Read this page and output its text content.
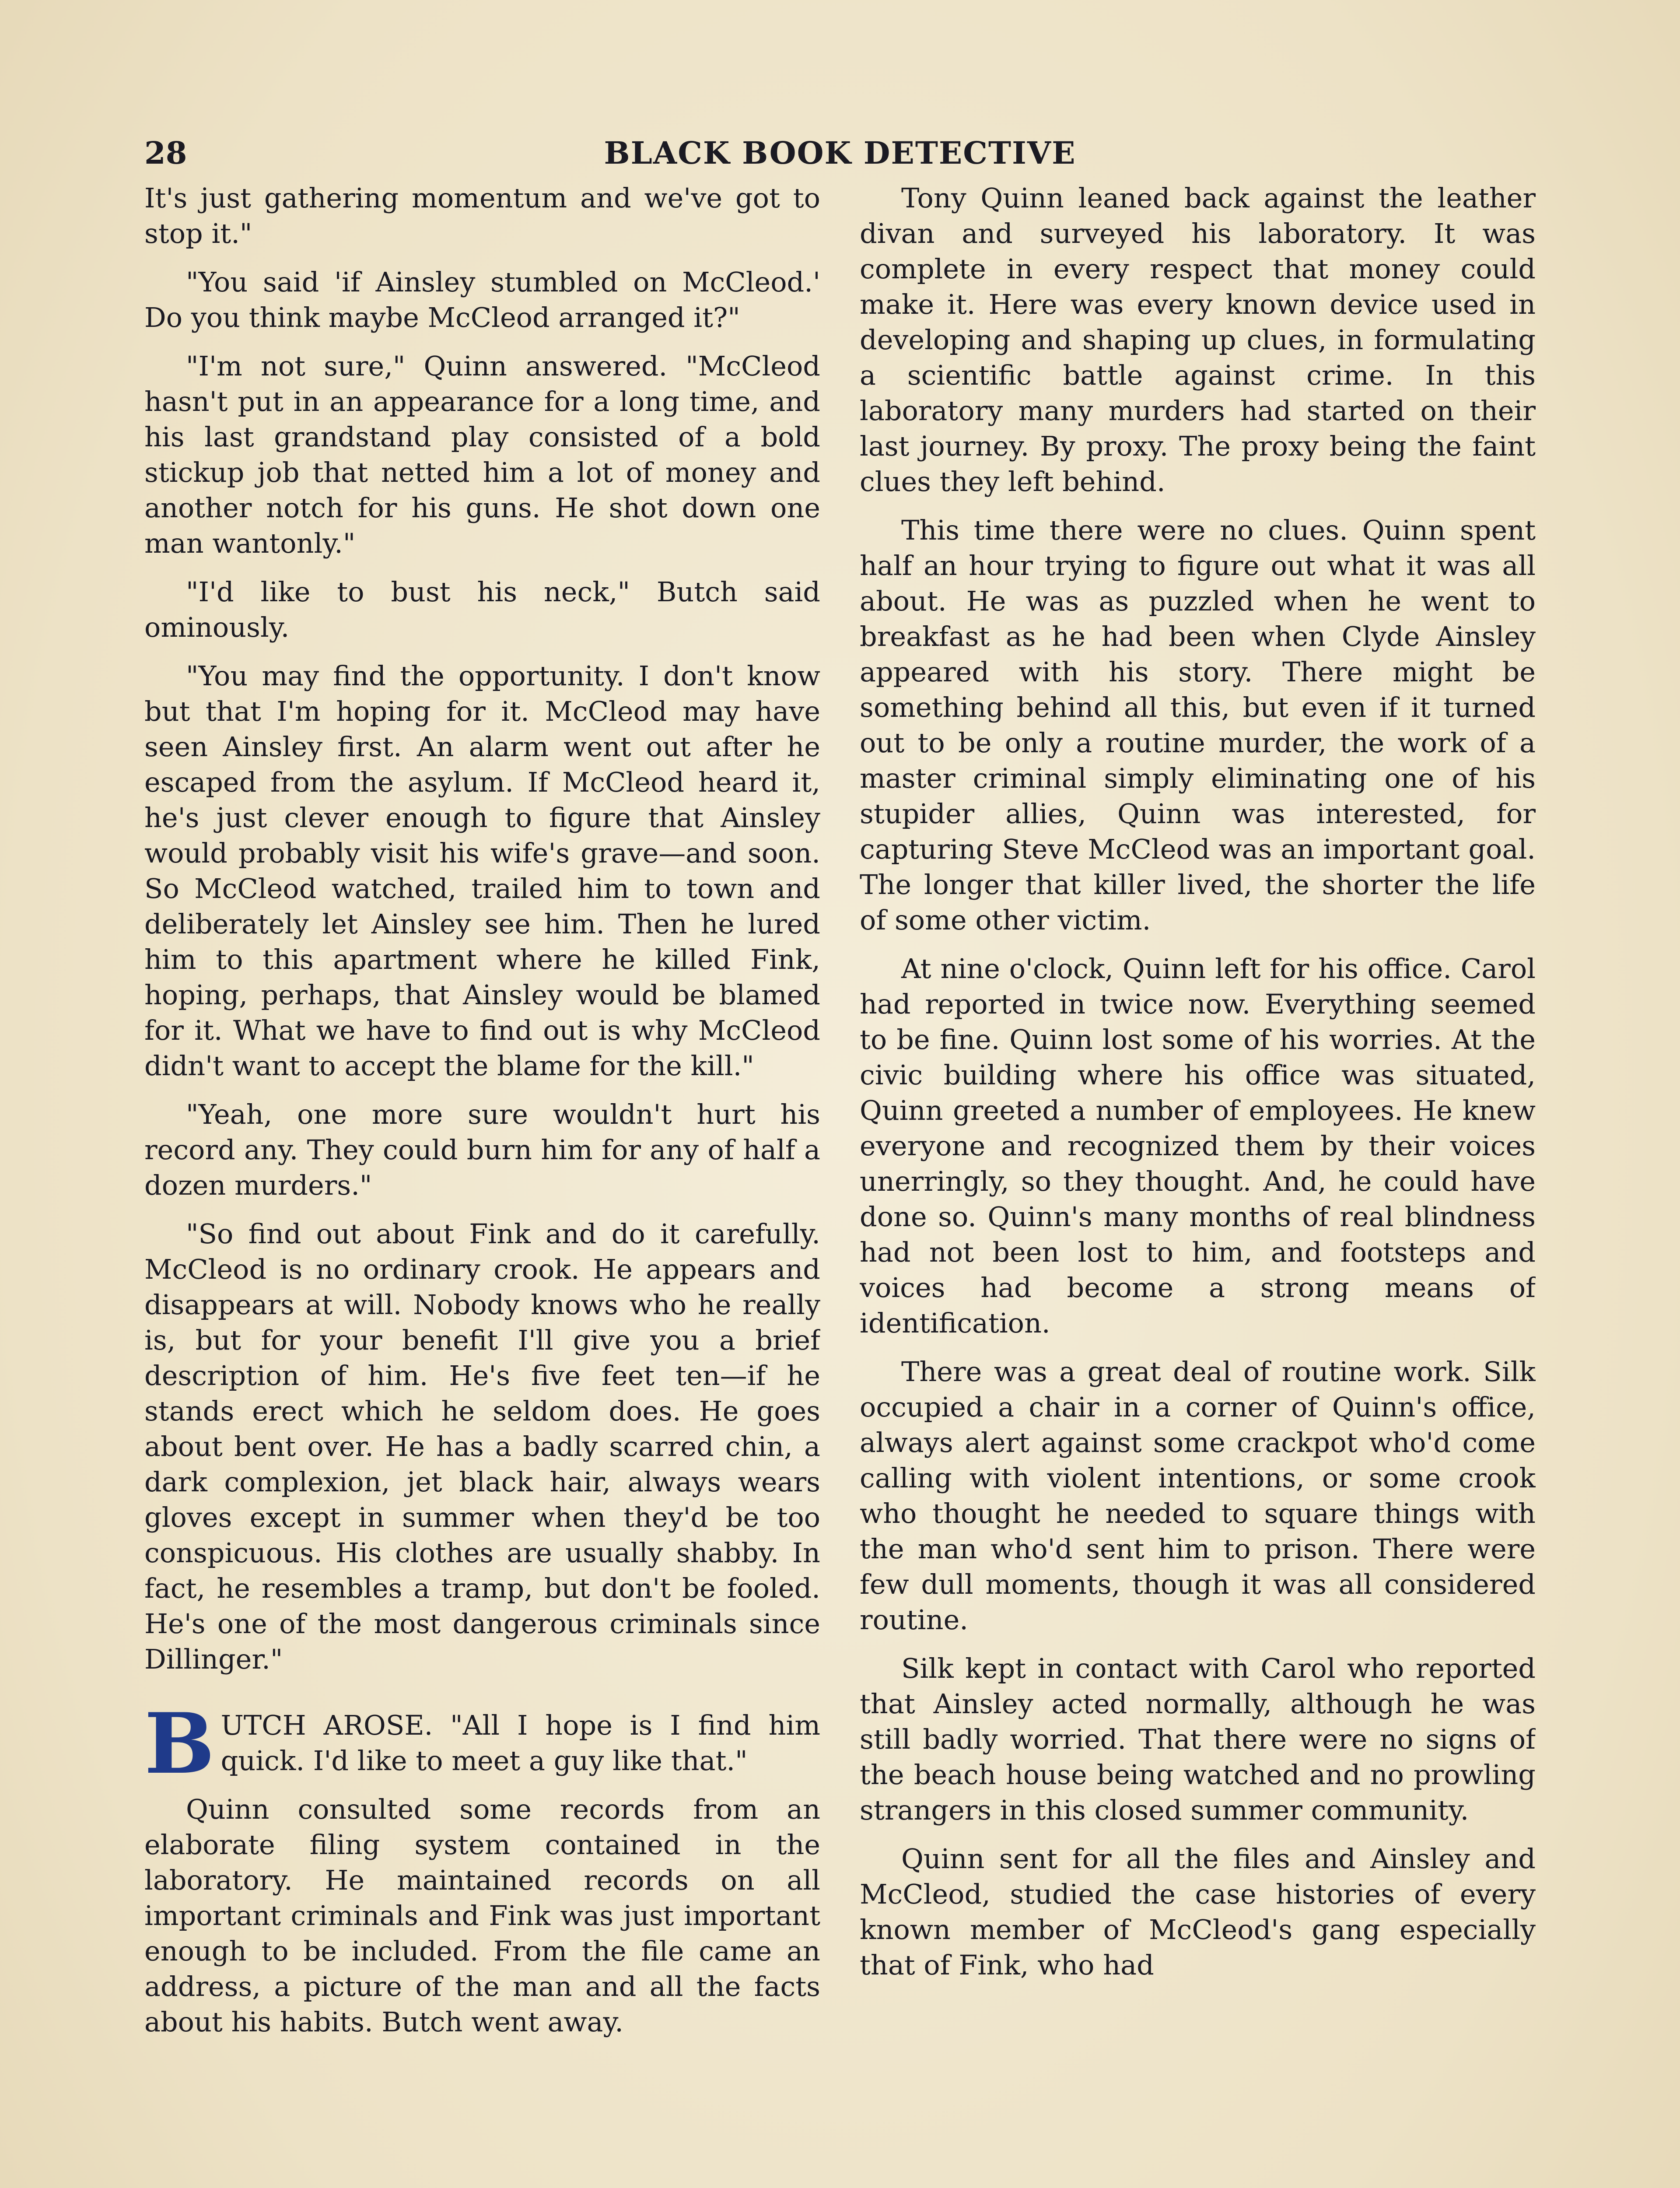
28	BLACK BOOK DETECTIVE

It's just gathering momentum and we've got to stop it."

"You said 'if Ainsley stumbled on McCleod.' Do you think maybe McCleod arranged it?"

"I'm not sure," Quinn answered. "McCleod hasn't put in an appearance for a long time, and his last grandstand play consisted of a bold stickup job that netted him a lot of money and another notch for his guns. He shot down one man wantonly."

"I'd like to bust his neck," Butch said ominously.

"You may find the opportunity. I don't know but that I'm hoping for it. McCleod may have seen Ainsley first. An alarm went out after he escaped from the asylum. If McCleod heard it, he's just clever enough to figure that Ainsley would probably visit his wife's grave—and soon. So McCleod watched, trailed him to town and deliberately let Ainsley see him. Then he lured him to this apartment where he killed Fink, hoping, perhaps, that Ainsley would be blamed for it. What we have to find out is why McCleod didn't want to accept the blame for the kill."

"Yeah, one more sure wouldn't hurt his record any. They could burn him for any of half a dozen murders."

"So find out about Fink and do it carefully. McCleod is no ordinary crook. He appears and disappears at will. Nobody knows who he really is, but for your benefit I'll give you a brief description of him. He's five feet ten—if he stands erect which he seldom does. He goes about bent over. He has a badly scarred chin, a dark complexion, jet black hair, always wears gloves except in summer when they'd be too conspicuous. His clothes are usually shabby. In fact, he resembles a tramp, but don't be fooled. He's one of the most dangerous criminals since Dillinger."

BUTCH AROSE. "All I hope is I find him quick. I'd like to meet a guy like that."

Quinn consulted some records from an elaborate filing system contained in the laboratory. He maintained records on all important criminals and Fink was just important enough to be included. From the file came an address, a picture of the man and all the facts about his habits. Butch went away.

Tony Quinn leaned back against the leather divan and surveyed his laboratory. It was complete in every respect that money could make it. Here was every known device used in developing and shaping up clues, in formulating a scientific battle against crime. In this laboratory many murders had started on their last journey. By proxy. The proxy being the faint clues they left behind.

This time there were no clues. Quinn spent half an hour trying to figure out what it was all about. He was as puzzled when he went to breakfast as he had been when Clyde Ainsley appeared with his story. There might be something behind all this, but even if it turned out to be only a routine murder, the work of a master criminal simply eliminating one of his stupider allies, Quinn was interested, for capturing Steve McCleod was an important goal. The longer that killer lived, the shorter the life of some other victim.

At nine o'clock, Quinn left for his office. Carol had reported in twice now. Everything seemed to be fine. Quinn lost some of his worries. At the civic building where his office was situated, Quinn greeted a number of employees. He knew everyone and recognized them by their voices unerringly, so they thought. And, he could have done so. Quinn's many months of real blindness had not been lost to him, and footsteps and voices had become a strong means of identification.

There was a great deal of routine work. Silk occupied a chair in a corner of Quinn's office, always alert against some crackpot who'd come calling with violent intentions, or some crook who thought he needed to square things with the man who'd sent him to prison. There were few dull moments, though it was all considered routine.

Silk kept in contact with Carol who reported that Ainsley acted normally, although he was still badly worried. That there were no signs of the beach house being watched and no prowling strangers in this closed summer community.

Quinn sent for all the files and Ainsley and McCleod, studied the case histories of every known member of McCleod's gang especially that of Fink, who had
